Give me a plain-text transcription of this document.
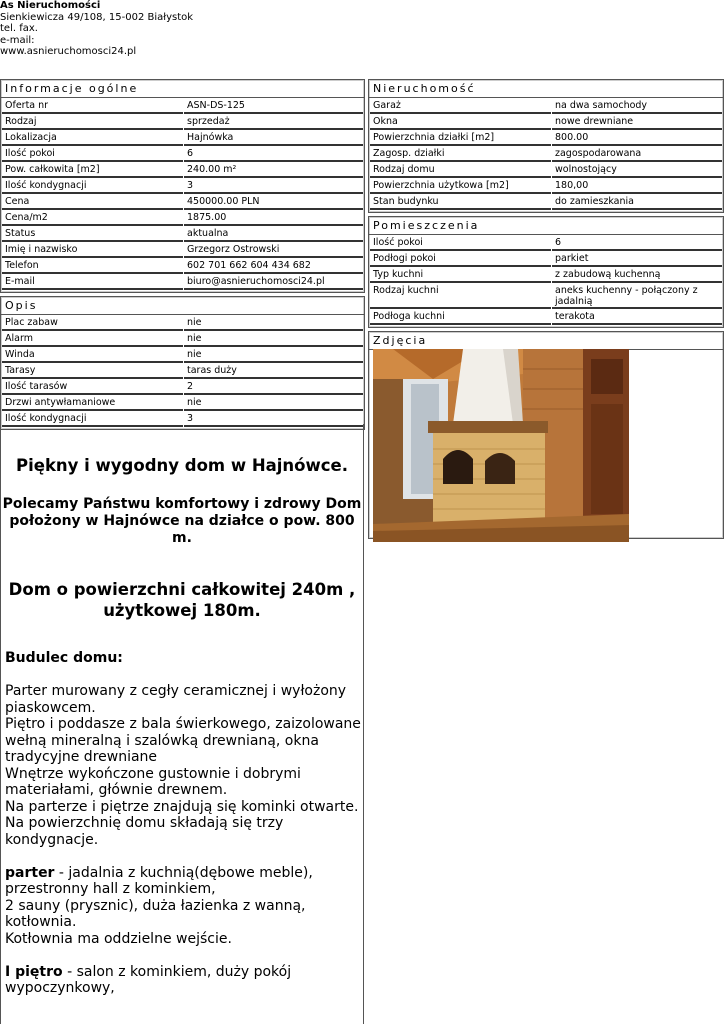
As Nieruchomości
Sienkiewicza 49/108, 15-002 Białystok
tel. fax.
e-mail:
www.asnieruchomosci24.pl
Informacje ogólne
Oferta nr	ASN-DS-125
Rodzaj	sprzedaż
Lokalizacja	Hajnówka
Ilość pokoi	6
Pow. całkowita [m2]	240.00 m²
Ilość kondygnacji	3
Cena	450000.00 PLN
Cena/m2	1875.00
Status	aktualna
Imię i nazwisko	Grzegorz Ostrowski
Telefon	602 701 662 604 434 682
E-mail	biuro@asnieruchomosci24.pl
Opis
Plac zabaw	nie
Alarm	nie
Winda	nie
Tarasy	taras duży
Ilość tarasów	2
Drzwi antywłamaniowe	nie
Ilość kondygnacji	3
Nieruchomość
Garaż	na dwa samochody
Okna	nowe drewniane
Powierzchnia działki [m2]	800.00
Zagosp. działki	zagospodarowana
Rodzaj domu	wolnostojący
Powierzchnia użytkowa [m2]	180,00
Stan budynku	do zamieszkania
Pomieszczenia
Ilość pokoi	6
Podłogi pokoi	parkiet
Typ kuchni	z zabudową kuchenną
Rodzaj kuchni	aneks kuchenny - połączony z jadalnią
Podłoga kuchni	terakota
Zdjęcia
Piękny i wygodny dom w Hajnówce.
Polecamy Państwu komfortowy i zdrowy Dom
położony w Hajnówce na działce o pow. 800 m.
Dom o powierzchni całkowitej 240m , użytkowej 180m.

Budulec domu:

Parter murowany z cegły ceramicznej i wyłożony piaskowcem.

Piętro i poddasze z bala świerkowego, zaizolowane wełną mineralną i szalówką drewnianą, okna tradycyjne drewniane

Wnętrze wykończone gustownie i dobrymi materiałami, głównie drewnem.

Na parterze i piętrze znajdują się kominki otwarte.

Na powierzchnię domu składają się trzy kondygnacje.

parter - jadalnia z kuchnią(dębowe meble), przestronny hall z kominkiem,

2 sauny (prysznic), duża łazienka z wanną, kotłownia.

Kotłownia ma oddzielne wejście.

I piętro - salon z kominkiem, duży pokój wypoczynkowy,
